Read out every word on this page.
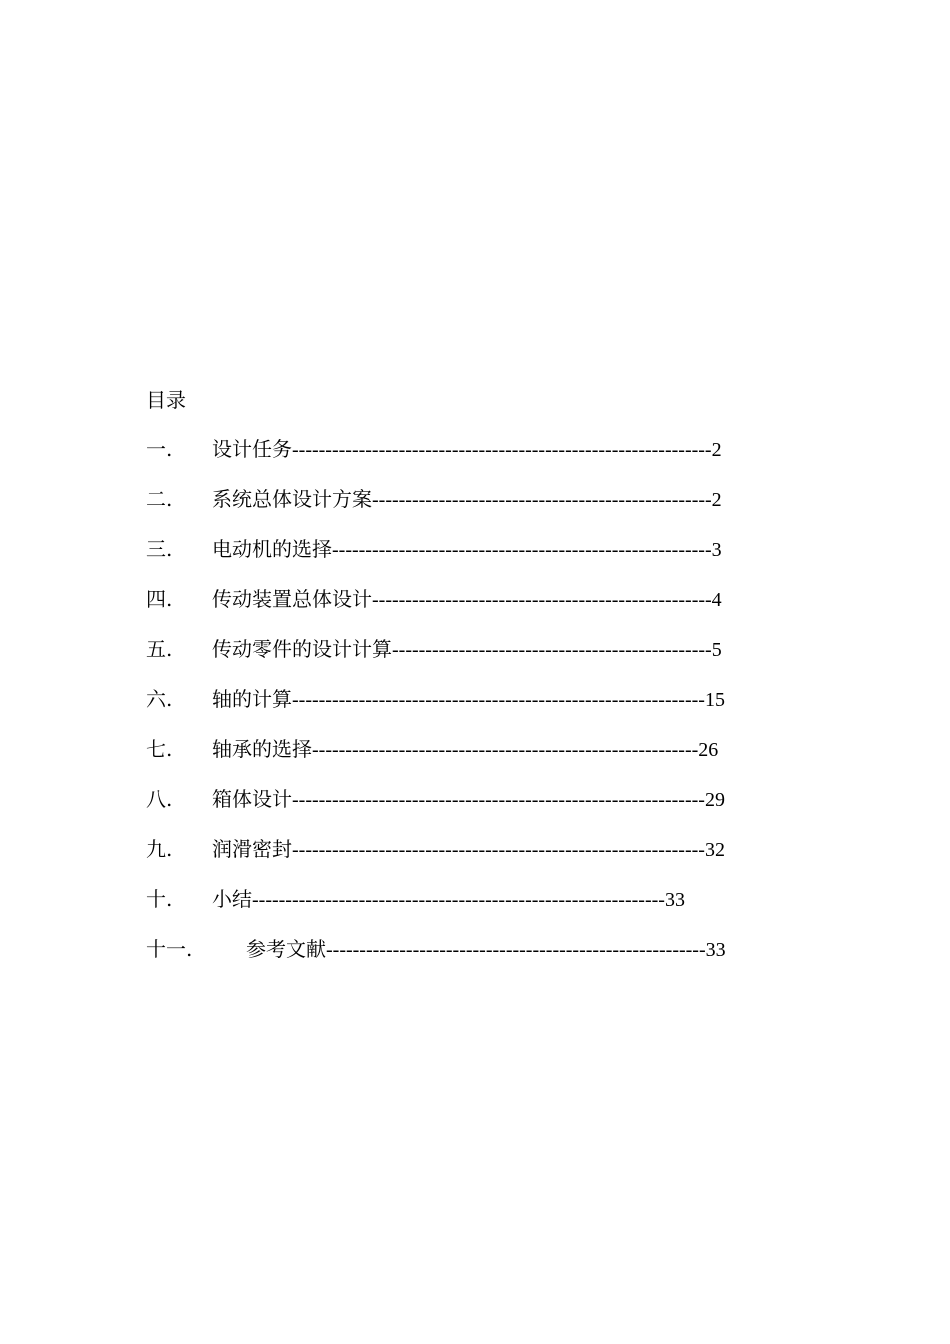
目录
一. 设计任务---------------------------------------------------------------2
二. 系统总体设计方案---------------------------------------------------2
三. 电动机的选择---------------------------------------------------------3
四. 传动装置总体设计---------------------------------------------------4
五. 传动零件的设计计算------------------------------------------------5
六. 轴的计算--------------------------------------------------------------15
七. 轴承的选择----------------------------------------------------------26
八. 箱体设计--------------------------------------------------------------29
九. 润滑密封--------------------------------------------------------------32
十. 小结--------------------------------------------------------------33
十一.	参考文献---------------------------------------------------------33
